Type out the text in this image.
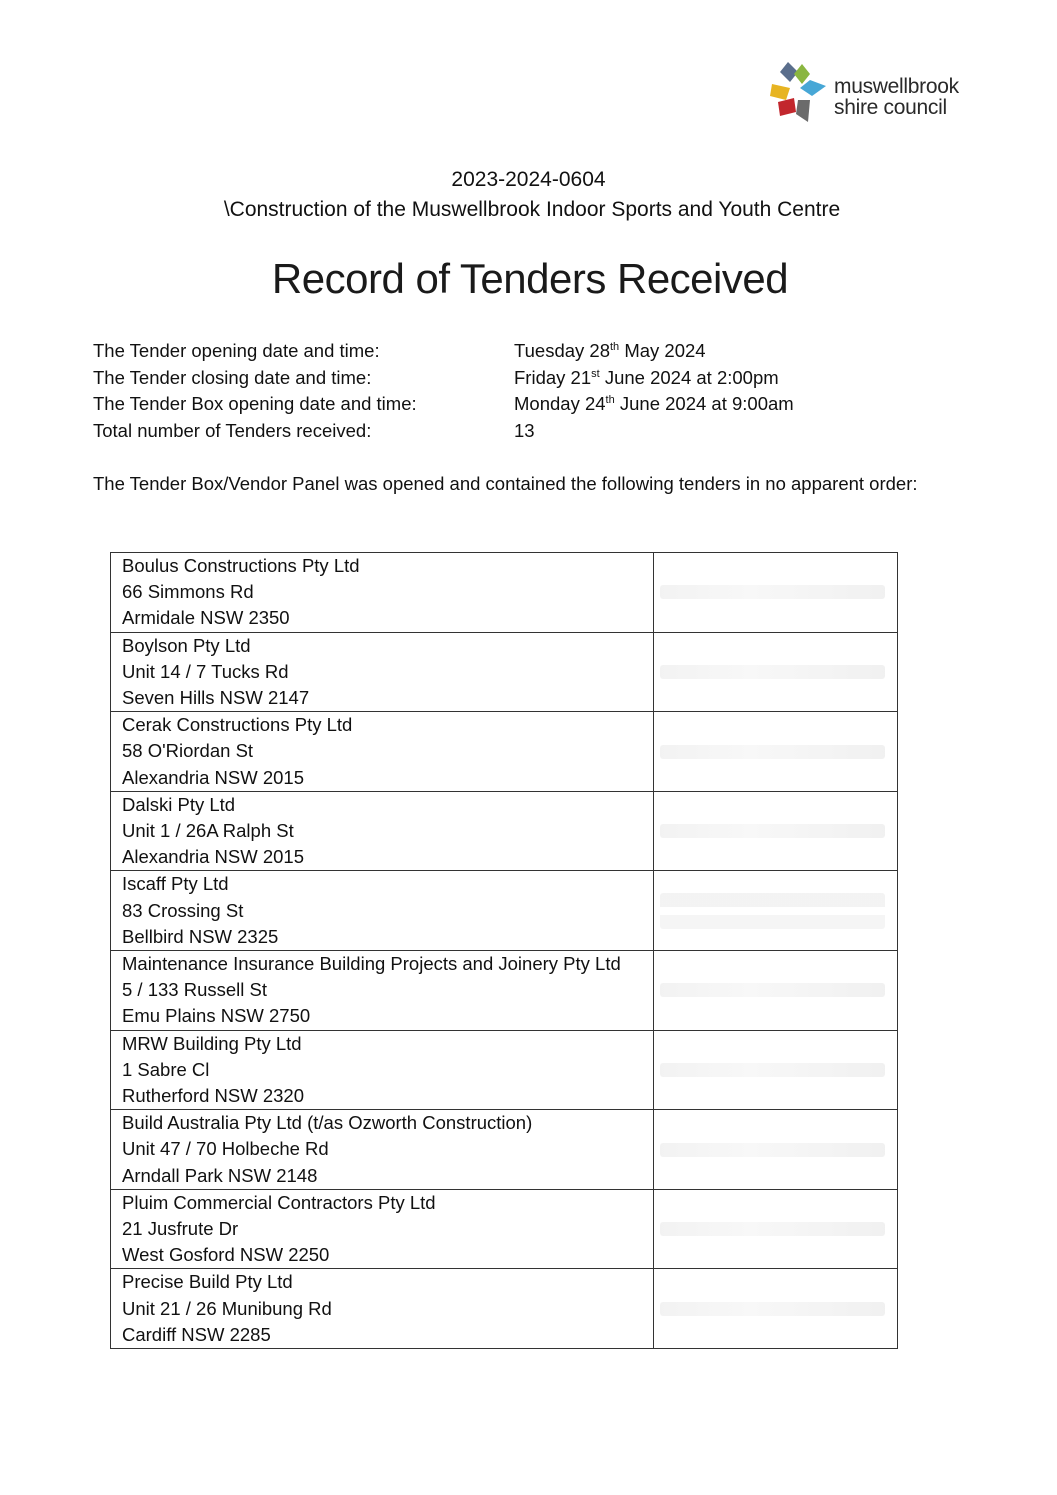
muswellbrook
shire council
2023-2024-0604
\Construction of the Muswellbrook Indoor Sports and Youth Centre
Record of Tenders Received
The Tender opening date and time:	Tuesday 28th May 2024
The Tender closing date and time:	Friday 21st June 2024 at 2:00pm
The Tender Box opening date and time:	Monday 24th June 2024 at 9:00am
Total number of Tenders received:	13
The Tender Box/Vendor Panel was opened and contained the following tenders in no apparent order:
Boulus Constructions Pty Ltd
66 Simmons Rd
Armidale NSW 2350	

Boylson Pty Ltd
Unit 14 / 7 Tucks Rd
Seven Hills NSW 2147	

Cerak Constructions Pty Ltd
58 O'Riordan St
Alexandria NSW 2015	

Dalski Pty Ltd
Unit 1 / 26A Ralph St
Alexandria NSW 2015	

Iscaff Pty Ltd
83 Crossing St
Bellbird NSW 2325	

Maintenance Insurance Building Projects and Joinery Pty Ltd
5 / 133 Russell St
Emu Plains NSW 2750	

MRW Building Pty Ltd
1 Sabre Cl
Rutherford NSW 2320	

Build Australia Pty Ltd (t/as Ozworth Construction)
Unit 47 / 70 Holbeche Rd
Arndall Park NSW 2148	

Pluim Commercial Contractors Pty Ltd
21 Jusfrute Dr
West Gosford NSW 2250	

Precise Build Pty Ltd
Unit 21 / 26 Munibung Rd
Cardiff NSW 2285	
